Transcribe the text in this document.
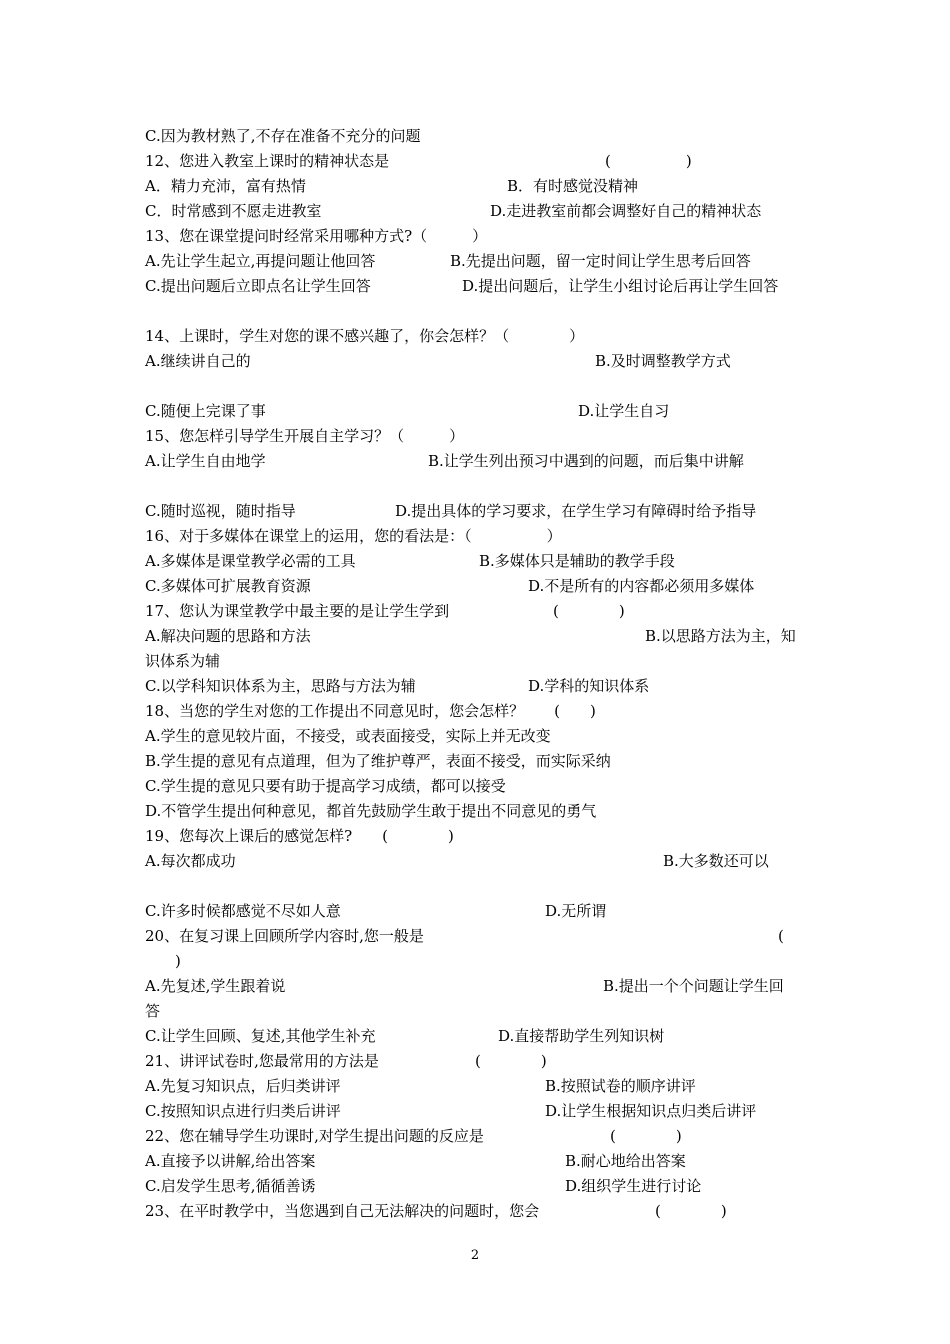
C.因为教材熟了,不存在准备不充分的问题
12、您进入教室上课时的精神状态是	(　　　　　)
A．精力充沛，富有热情	B．有时感觉没精神
C．时常感到不愿走进教室	D.走进教室前都会调整好自己的精神状态
13、您在课堂提问时经常采用哪种方式?（　　　）
A.先让学生起立,再提问题让他回答	B.先提出问题，留一定时间让学生思考后回答
C.提出问题后立即点名让学生回答	D.提出问题后，让学生小组讨论后再让学生回答
14、上课时，学生对您的课不感兴趣了，你会怎样？（　　　　）
A.继续讲自己的	B.及时调整教学方式
C.随便上完课了事	D.让学生自习
15、您怎样引导学生开展自主学习？（　　　）
A.让学生自由地学	B.让学生列出预习中遇到的问题，而后集中讲解
C.随时巡视，随时指导	D.提出具体的学习要求，在学生学习有障碍时给予指导
16、对于多媒体在课堂上的运用，您的看法是：（　　　　　）
A.多媒体是课堂教学必需的工具	B.多媒体只是辅助的教学手段
C.多媒体可扩展教育资源	D.不是所有的内容都必须用多媒体
17、您认为课堂教学中最主要的是让学生学到	(　　　　)
A.解决问题的思路和方法	B.以思路方法为主，知
识体系为辅
C.以学科知识体系为主，思路与方法为辅	D.学科的知识体系
18、当您的学生对您的工作提出不同意见时，您会怎样？　　(　　)
A.学生的意见较片面，不接受，或表面接受，实际上并无改变
B.学生提的意见有点道理，但为了维护尊严，表面不接受，而实际采纳
C.学生提的意见只要有助于提高学习成绩，都可以接受
D.不管学生提出何种意见，都首先鼓励学生敢于提出不同意见的勇气
19、您每次上课后的感觉怎样?　　(　　　　)
A.每次都成功	B.大多数还可以
C.许多时候都感觉不尽如人意	D.无所谓
20、在复习课上回顾所学内容时,您一般是	(
　　)
A.先复述,学生跟着说	B.提出一个个问题让学生回
答
C.让学生回顾、复述,其他学生补充	D.直接帮助学生列知识树
21、讲评试卷时,您最常用的方法是	(　　　　)
A.先复习知识点，后归类讲评	B.按照试卷的顺序讲评
C.按照知识点进行归类后讲评	D.让学生根据知识点归类后讲评
22、您在辅导学生功课时,对学生提出问题的反应是	(　　　　)
A.直接予以讲解,给出答案	B.耐心地给出答案
C.启发学生思考,循循善诱	D.组织学生进行讨论
23、在平时教学中，当您遇到自己无法解决的问题时，您会	(　　　　)
2
